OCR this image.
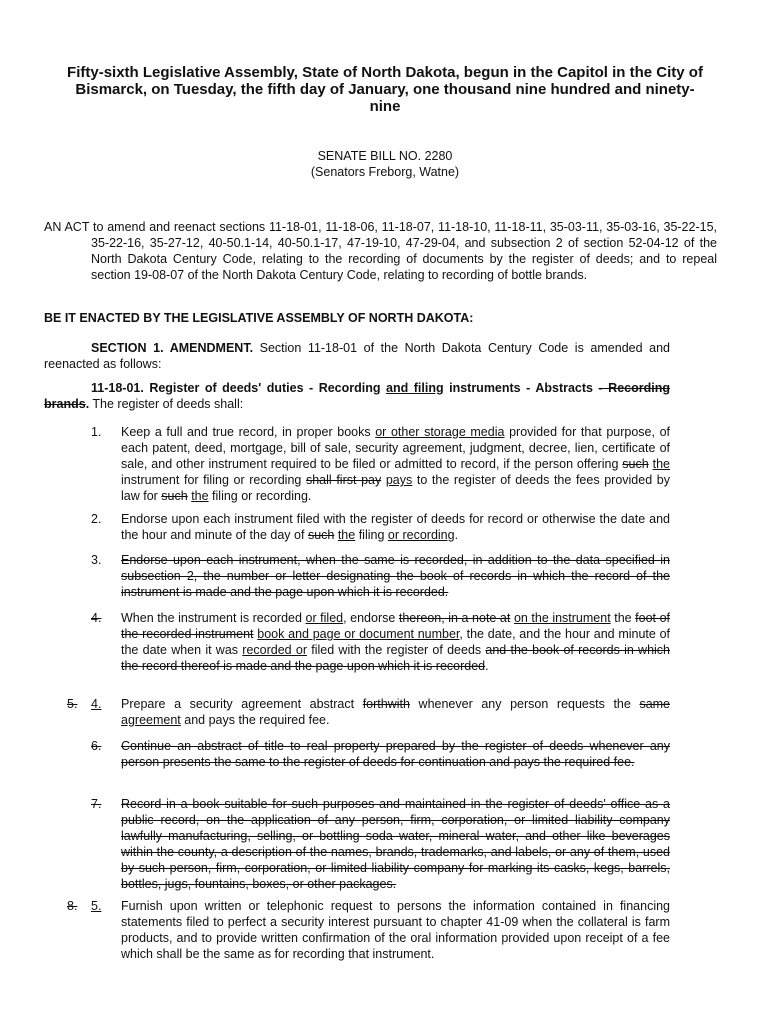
Fifty-sixth Legislative Assembly, State of North Dakota, begun in the Capitol in the City of Bismarck, on Tuesday, the fifth day of January, one thousand nine hundred and ninety-nine
SENATE BILL NO. 2280
(Senators Freborg, Watne)
AN ACT to amend and reenact sections 11-18-01, 11-18-06, 11-18-07, 11-18-10, 11-18-11, 35-03-11, 35-03-16, 35-22-15, 35-22-16, 35-27-12, 40-50.1-14, 40-50.1-17, 47-19-10, 47-29-04, and subsection 2 of section 52-04-12 of the North Dakota Century Code, relating to the recording of documents by the register of deeds; and to repeal section 19-08-07 of the North Dakota Century Code, relating to recording of bottle brands.
BE IT ENACTED BY THE LEGISLATIVE ASSEMBLY OF NORTH DAKOTA:
SECTION 1. AMENDMENT. Section 11-18-01 of the North Dakota Century Code is amended and reenacted as follows:
11-18-01. Register of deeds' duties - Recording and filing instruments - Abstracts - Recording brands. The register of deeds shall:
1. Keep a full and true record, in proper books or other storage media provided for that purpose, of each patent, deed, mortgage, bill of sale, security agreement, judgment, decree, lien, certificate of sale, and other instrument required to be filed or admitted to record, if the person offering such the instrument for filing or recording shall first pay pays to the register of deeds the fees provided by law for such the filing or recording.
2. Endorse upon each instrument filed with the register of deeds for record or otherwise the date and the hour and minute of the day of such the filing or recording.
3. Endorse upon each instrument, when the same is recorded, in addition to the data specified in subsection 2, the number or letter designating the book of records in which the record of the instrument is made and the page upon which it is recorded.
4. When the instrument is recorded or filed, endorse thereon, in a note at on the instrument the foot of the recorded instrument book and page or document number, the date, and the hour and minute of the date when it was recorded or filed with the register of deeds and the book of records in which the record thereof is made and the page upon which it is recorded.
5. 4. Prepare a security agreement abstract forthwith whenever any person requests the same agreement and pays the required fee.
6. Continue an abstract of title to real property prepared by the register of deeds whenever any person presents the same to the register of deeds for continuation and pays the required fee.
7. Record in a book suitable for such purposes and maintained in the register of deeds' office as a public record, on the application of any person, firm, corporation, or limited liability company lawfully manufacturing, selling, or bottling soda water, mineral water, and other like beverages within the county, a description of the names, brands, trademarks, and labels, or any of them, used by such person, firm, corporation, or limited liability company for marking its casks, kegs, barrels, bottles, jugs, fountains, boxes, or other packages.
8. 5. Furnish upon written or telephonic request to persons the information contained in financing statements filed to perfect a security interest pursuant to chapter 41-09 when the collateral is farm products, and to provide written confirmation of the oral information provided upon receipt of a fee which shall be the same as for recording that instrument.
